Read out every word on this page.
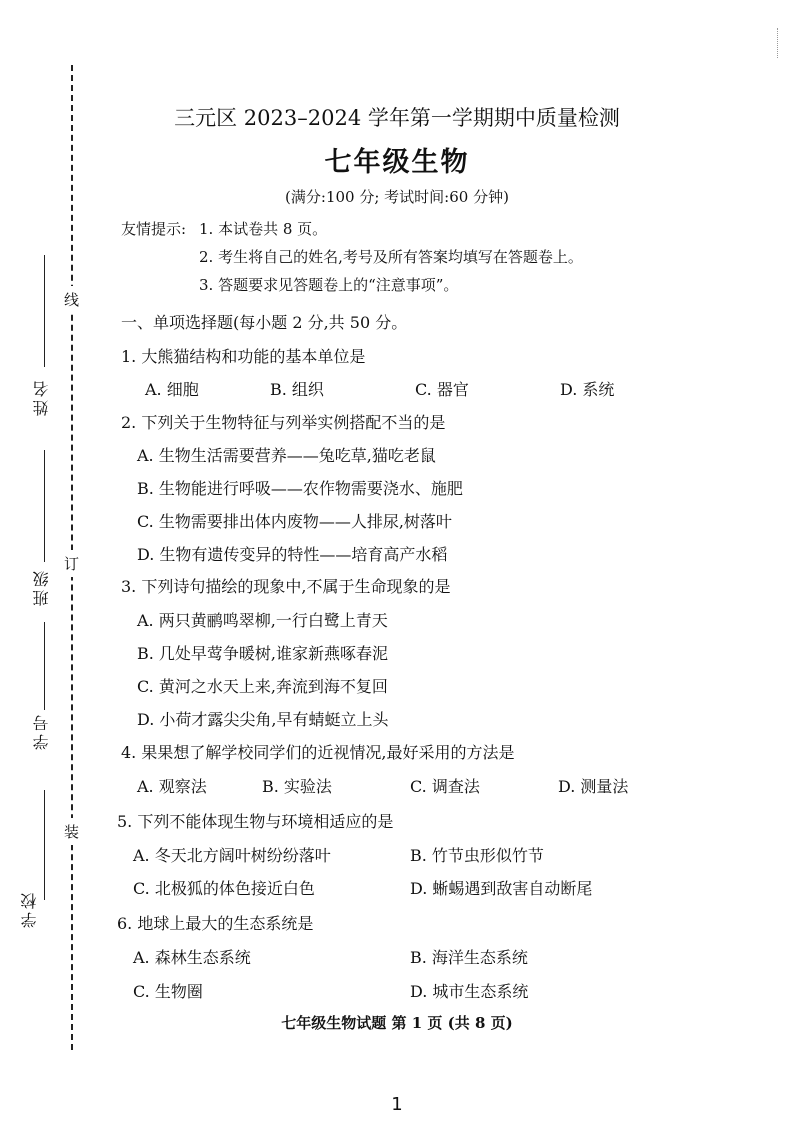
线
订
装
姓名
班级
学号
学校
三元区 2023–2024 学年第一学期期中质量检测
七年级生物
(满分:100 分; 考试时间:60 分钟)
友情提示: 1. 本试卷共 8 页。
2. 考生将自己的姓名,考号及所有答案均填写在答题卷上。
3. 答题要求见答题卷上的“注意事项”。
一、单项选择题(每小题 2 分,共 50 分。
1. 大熊猫结构和功能的基本单位是
A. 细胞	B. 组织	C. 器官	D. 系统
2. 下列关于生物特征与列举实例搭配不当的是
A. 生物生活需要营养——兔吃草,猫吃老鼠
B. 生物能进行呼吸——农作物需要浇水、施肥
C. 生物需要排出体内废物——人排尿,树落叶
D. 生物有遗传变异的特性——培育高产水稻
3. 下列诗句描绘的现象中,不属于生命现象的是
A. 两只黄鹂鸣翠柳,一行白鹭上青天
B. 几处早莺争暖树,谁家新燕啄春泥
C. 黄河之水天上来,奔流到海不复回
D. 小荷才露尖尖角,早有蜻蜓立上头
4. 果果想了解学校同学们的近视情况,最好采用的方法是
A. 观察法	B. 实验法	C. 调查法	D. 测量法
5. 下列不能体现生物与环境相适应的是
A. 冬天北方阔叶树纷纷落叶	B. 竹节虫形似竹节
C. 北极狐的体色接近白色	D. 蜥蜴遇到敌害自动断尾
6. 地球上最大的生态系统是
A. 森林生态系统	B. 海洋生态系统
C. 生物圈	D. 城市生态系统
七年级生物试题 第 1 页 (共 8 页)
1
